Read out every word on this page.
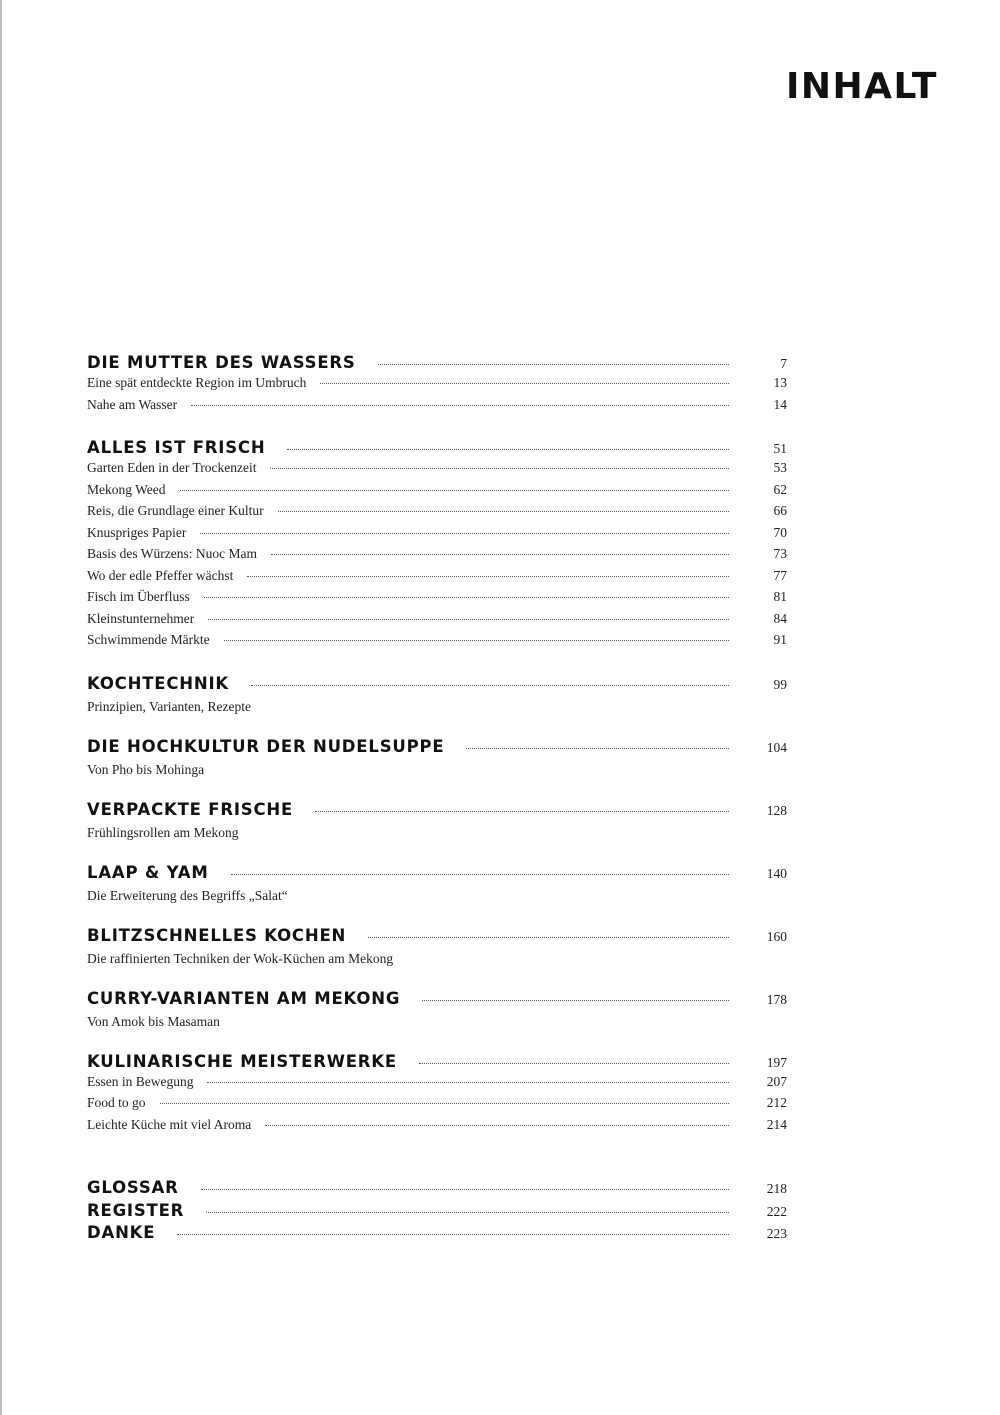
INHALT
DIE MUTTER DES WASSERS	7
Eine spät entdeckte Region im Umbruch	13
Nahe am Wasser	14
ALLES IST FRISCH	51
Garten Eden in der Trockenzeit	53
Mekong Weed	62
Reis, die Grundlage einer Kultur	66
Knuspriges Papier	70
Basis des Würzens: Nuoc Mam	73
Wo der edle Pfeffer wächst	77
Fisch im Überfluss	81
Kleinstunternehmer	84
Schwimmende Märkte	91
KOCHTECHNIK	99
Prinzipien, Varianten, Rezepte
DIE HOCHKULTUR DER NUDELSUPPE	104
Von Pho bis Mohinga
VERPACKTE FRISCHE	128
Frühlingsrollen am Mekong
LAAP & YAM	140
Die Erweiterung des Begriffs „Salat“
BLITZSCHNELLES KOCHEN	160
Die raffinierten Techniken der Wok-Küchen am Mekong
CURRY-VARIANTEN AM MEKONG	178
Von Amok bis Masaman
KULINARISCHE MEISTERWERKE	197
Essen in Bewegung	207
Food to go	212
Leichte Küche mit viel Aroma	214
GLOSSAR	218
REGISTER	222
DANKE	223
